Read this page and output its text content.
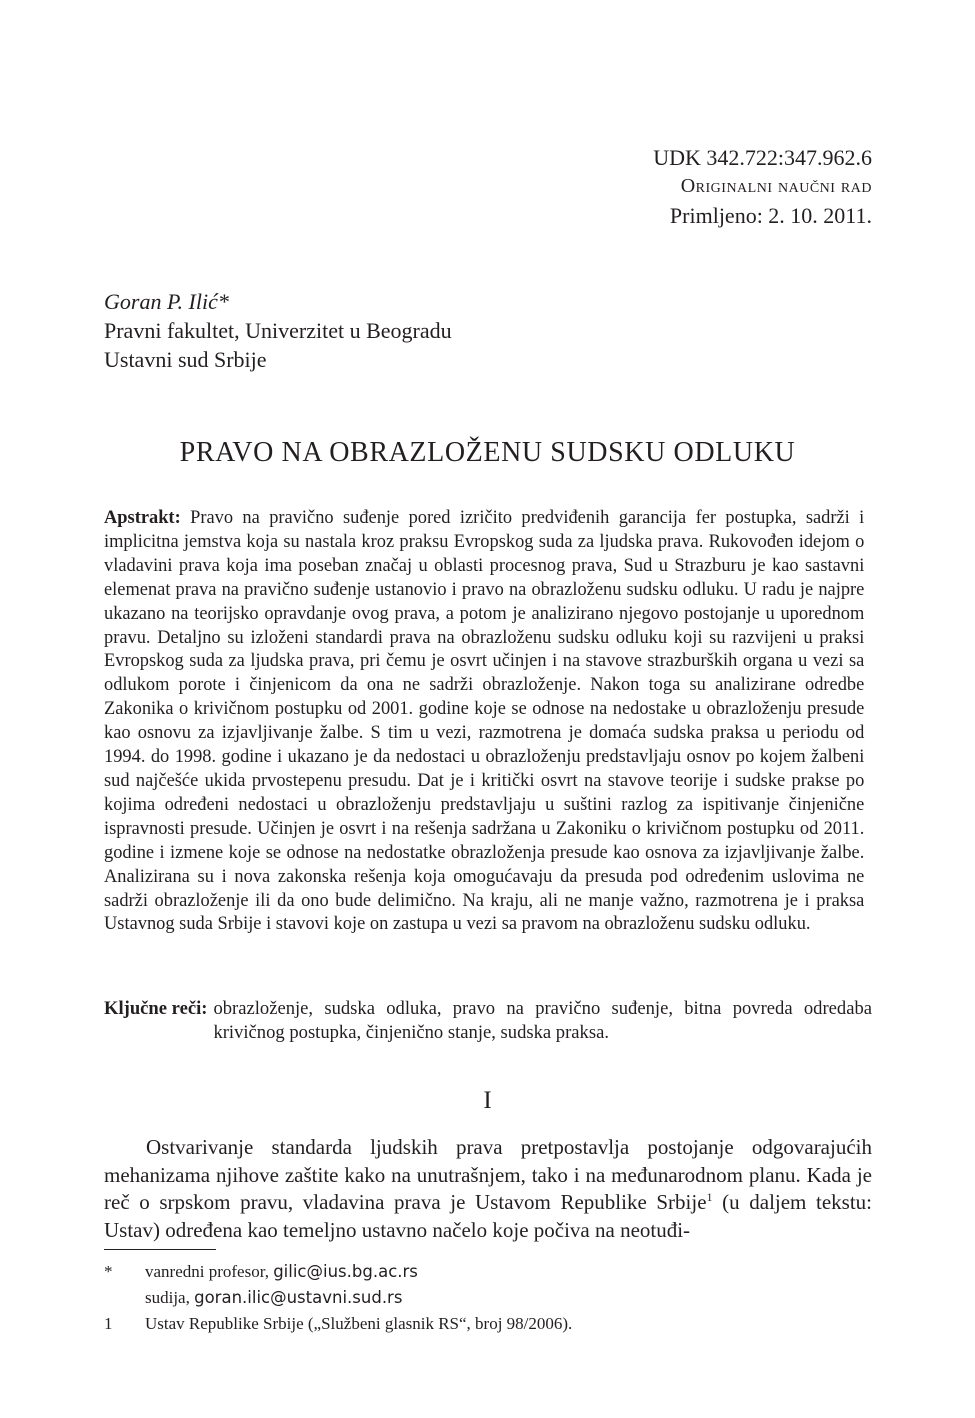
UDK 342.722:347.962.6
Originalni naučni rad
Primljeno: 2. 10. 2011.
Goran P. Ilić*
Pravni fakultet, Univerzitet u Beogradu
Ustavni sud Srbije
PRAVO NA OBRAZLOŽENU SUDSKU ODLUKU

Apstrakt: Pravo na pravično suđenje pored izričito predviđenih garancija fer postupka, sadrži i implicitna jemstva koja su nastala kroz praksu Evropskog suda za ljudska prava. Rukovođen idejom o vladavini prava koja ima poseban značaj u oblasti procesnog prava, Sud u Strazburu je kao sastavni elemenat prava na pravično suđenje ustanovio i pravo na obrazloženu sudsku odluku. U radu je najpre ukazano na teorijsko opravdanje ovog prava, a potom je analizirano njegovo postojanje u uporednom pravu. Detaljno su izloženi standardi prava na obrazloženu sudsku odluku koji su razvijeni u praksi Evropskog suda za ljudska prava, pri čemu je osvrt učinjen i na stavove strazburških organa u vezi sa odlukom porote i činjenicom da ona ne sadrži obrazloženje. Nakon toga su analizirane odredbe Zakonika o krivičnom postupku od 2001. godine koje se odnose na nedostake u obrazloženju presude kao osnovu za izjavljivanje žalbe. S tim u vezi, razmotrena je domaća sudska praksa u periodu od 1994. do 1998. godine i ukazano je da nedostaci u obrazloženju predstavljaju osnov po kojem žalbeni sud najčešće ukida prvostepenu presudu. Dat je i kritički osvrt na stavove teorije i sudske prakse po kojima određeni nedostaci u obrazloženju predstavljaju u suštini razlog za ispitivanje činjenične ispravnosti presude. Učinjen je osvrt i na rešenja sadržana u Zakoniku o krivičnom postupku od 2011. godine i izmene koje se odnose na nedostatke obrazloženja presude kao osnova za izjavljivanje žalbe. Analizirana su i nova zakonska rešenja koja omogućavaju da presuda pod određenim uslovima ne sadrži obrazloženje ili da ono bude delimično. Na kraju, ali ne manje važno, razmotrena je i praksa Ustavnog suda Srbije i stavovi koje on zastupa u vezi sa pravom na obrazloženu sudsku odluku.

Ključne reči: obrazloženje, sudska odluka, pravo na pravično suđenje, bitna povreda odredaba krivičnog postupka, činjenično stanje, sudska praksa.
I

Ostvarivanje standarda ljudskih prava pretpostavlja postojanje odgovarajućih mehanizama njihove zaštite kako na unutrašnjem, tako i na međunarodnom planu. Kada je reč o srpskom pravu, vladavina prava je Ustavom Republike Srbije$^1$ (u daljem tekstu: Ustav) određena kao temeljno ustavno načelo koje počiva na neotuđi-

*	vanredni profesor, gilic@ius.bg.ac.rs
sudija, goran.ilic@ustavni.sud.rs
1	Ustav Republike Srbije („Službeni glasnik RS“, broj 98/2006).
